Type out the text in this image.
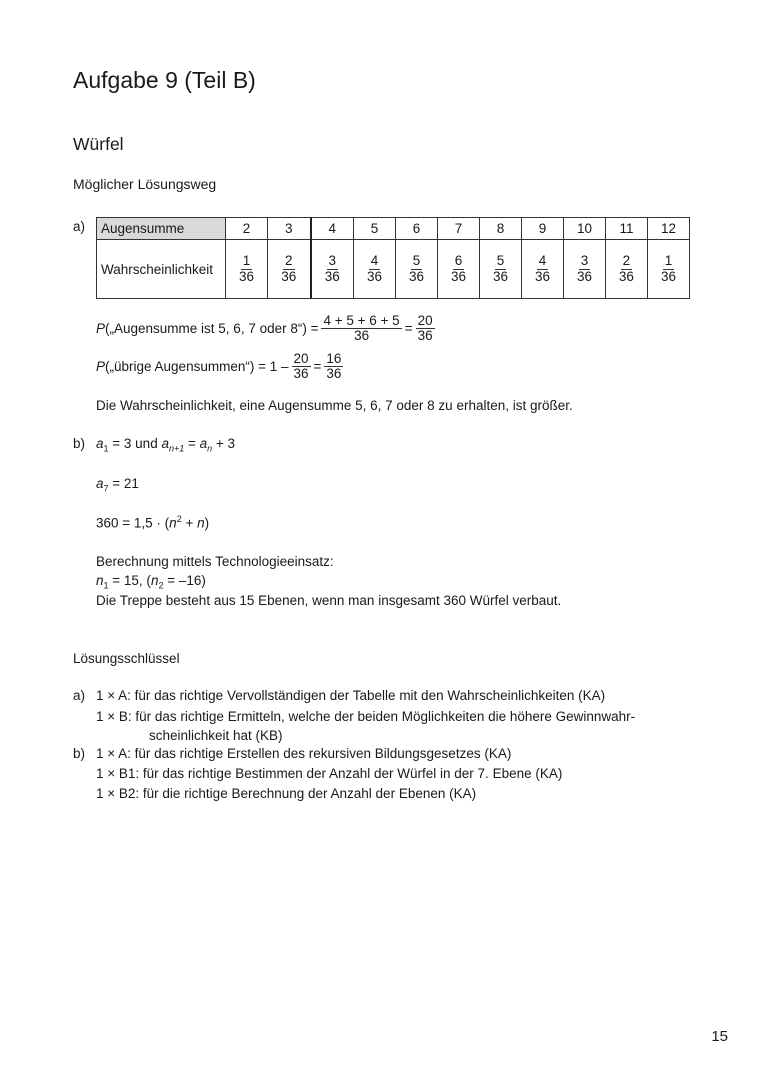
Aufgabe 9 (Teil B)
Würfel
Möglicher Lösungsweg
a) Augensumme	2	3	4	5	6	7	8	9	10	11	12
Wahrscheinlichkeit	$\frac{1}{36}$	$\frac{2}{36}$	$\frac{3}{36}$	$\frac{4}{36}$	$\frac{5}{36}$	$\frac{6}{36}$	$\frac{5}{36}$	$\frac{4}{36}$	$\frac{3}{36}$	$\frac{2}{36}$	$\frac{1}{36}$
P („Augensumme ist 5, 6, 7 oder 8“) = $\frac{4 + 5 + 6 + 5}{36} = \frac{20}{36}$
P („übrige Augensummen“) = $1 - \frac{20}{36} = \frac{16}{36}$
Die Wahrscheinlichkeit, eine Augensumme 5, 6, 7 oder 8 zu erhalten, ist größer.
b) $a_1 = 3$ und $a_{n+1} = a_n + 3$
$a_7 = 21$
$360 = 1,5 \cdot (n^2 + n)$
Berechnung mittels Technologieeinsatz:
$n_1 = 15$, $(n_2 = -16)$
Die Treppe besteht aus 15 Ebenen, wenn man insgesamt 360 Würfel verbaut.
Lösungsschlüssel
a) 1 × A: für das richtige Vervollständigen der Tabelle mit den Wahrscheinlichkeiten (KA)
1 × B: für das richtige Ermitteln, welche der beiden Möglichkeiten die höhere Gewinnwahr-
scheinlichkeit hat (KB)
b) 1 × A: für das richtige Erstellen des rekursiven Bildungsgesetzes (KA)
1 × B1: für das richtige Bestimmen der Anzahl der Würfel in der 7. Ebene (KA)
1 × B2: für die richtige Berechnung der Anzahl der Ebenen (KA)
15
